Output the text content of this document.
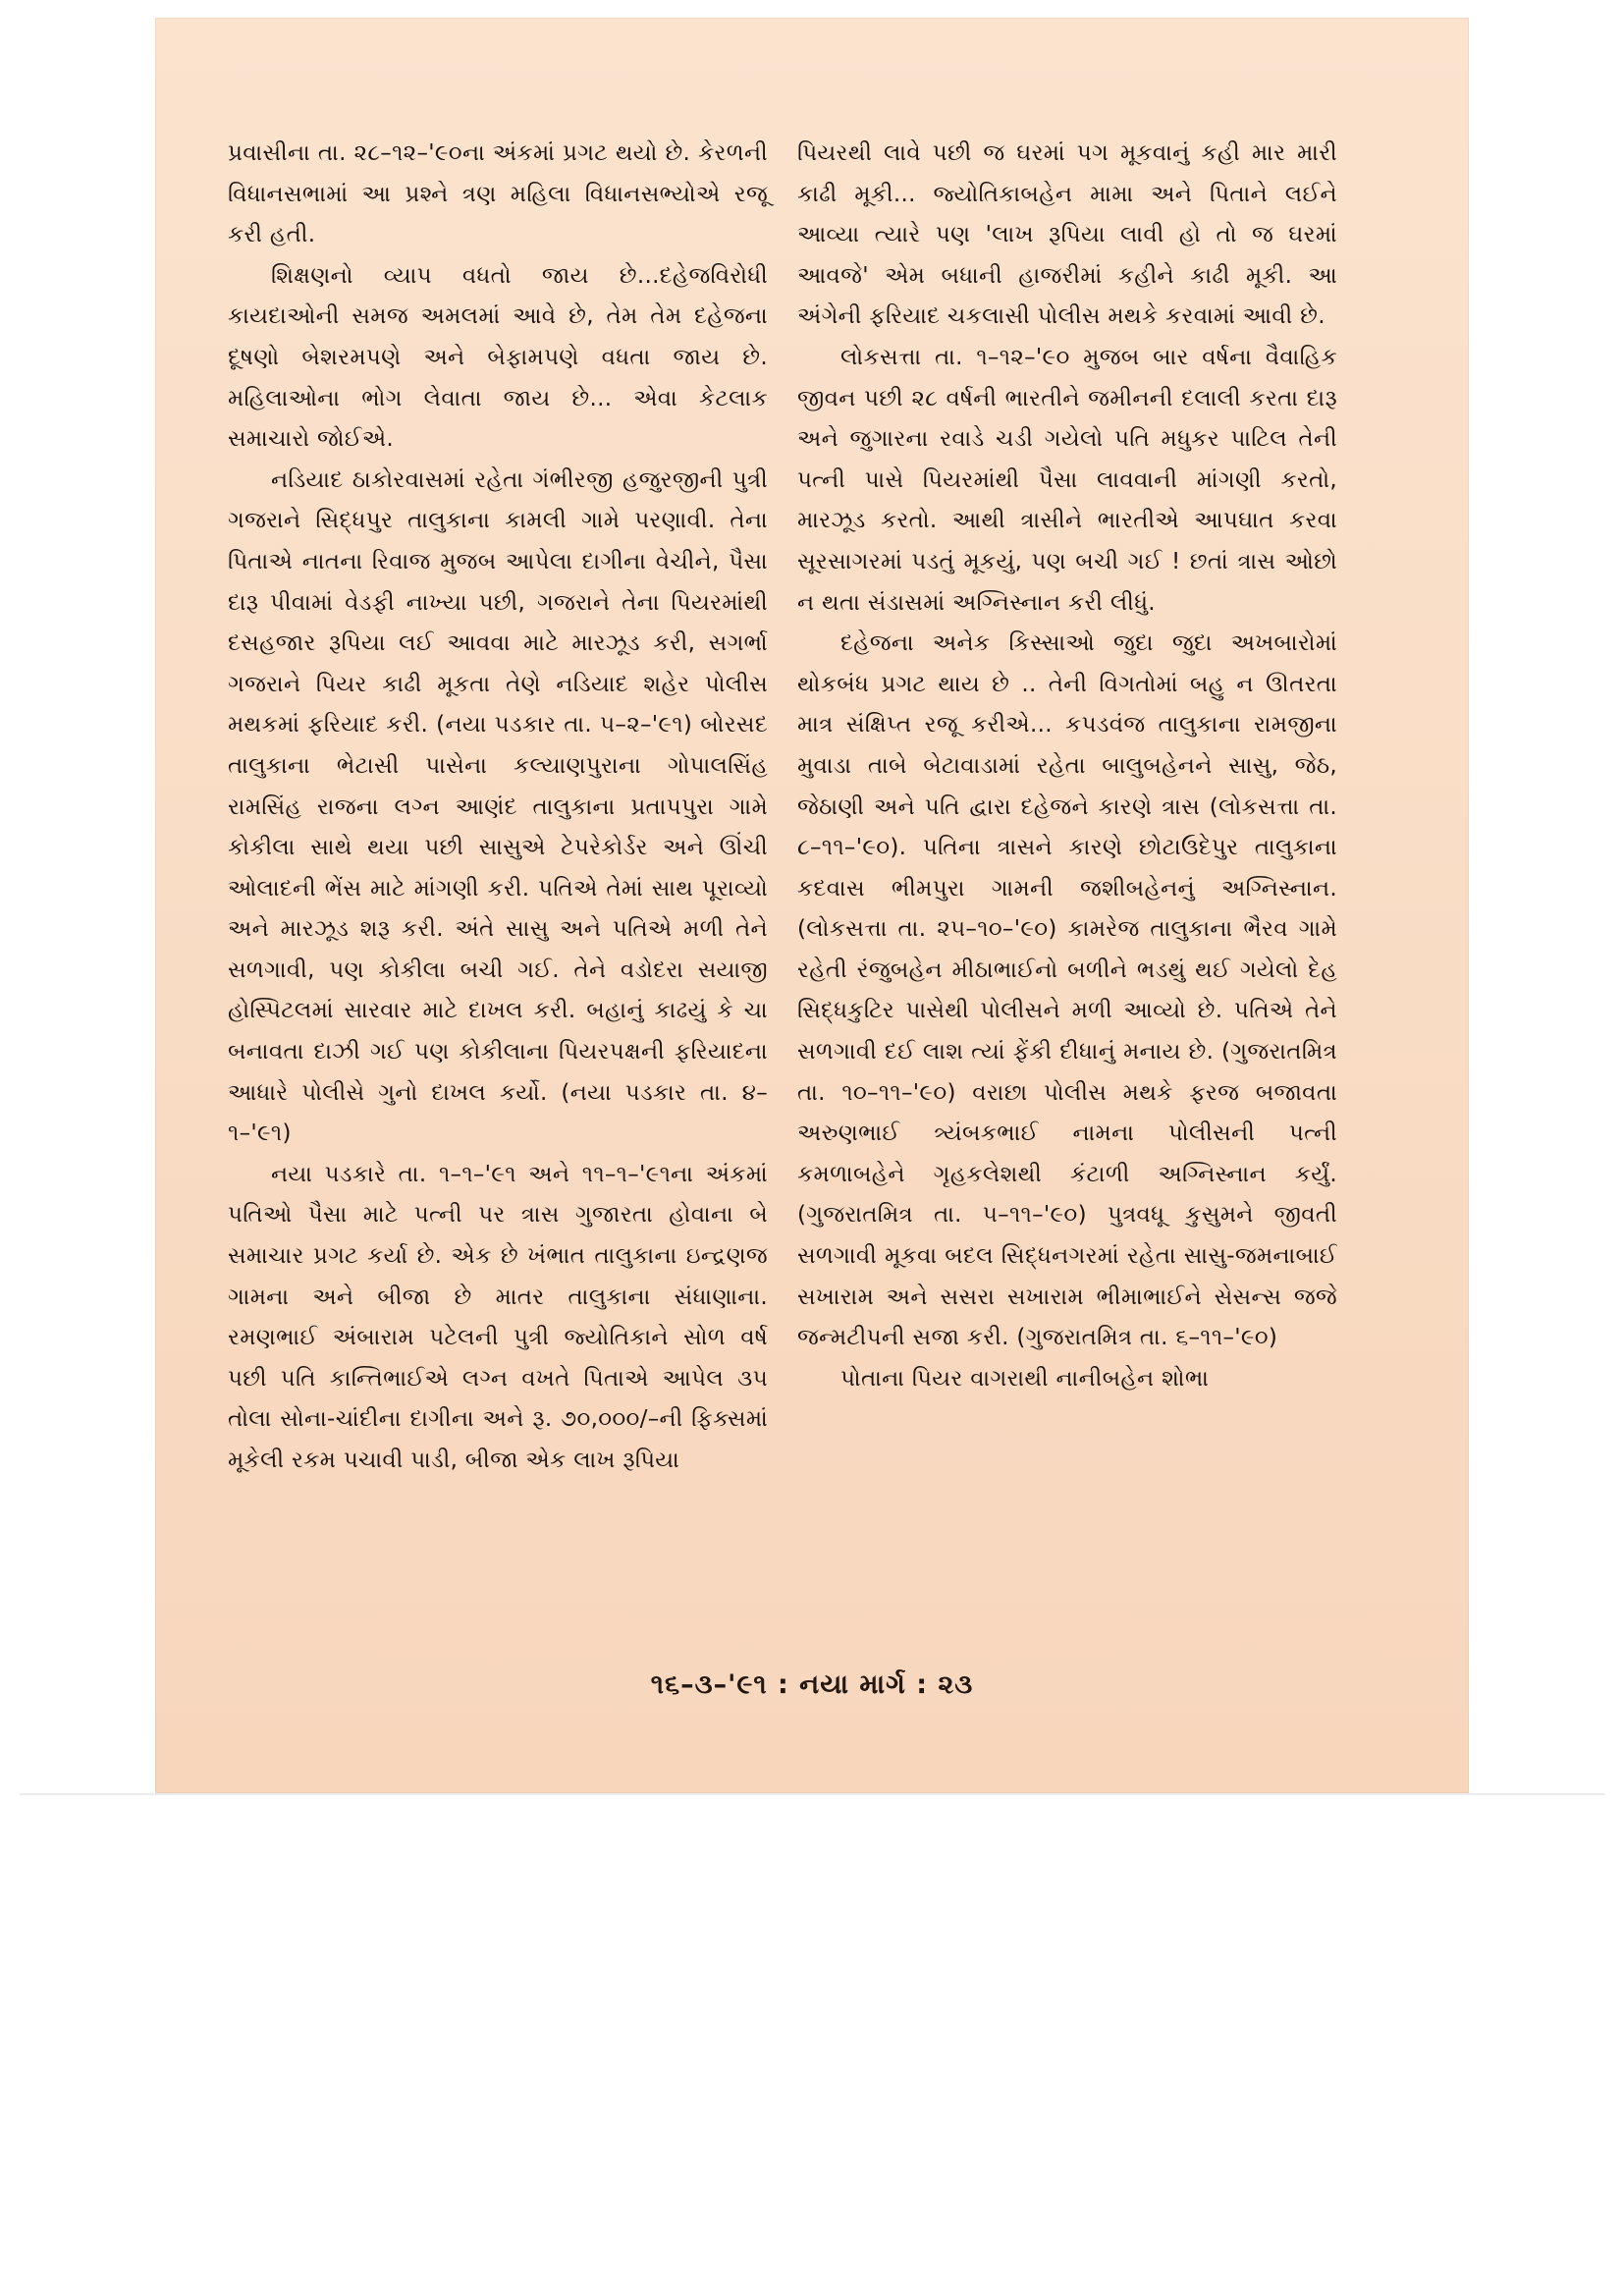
પ્રવાસીના તા. ૨૮–૧૨–'૯૦ના અંકમાં પ્રગટ થયો છે. કેરળની વિધાનસભામાં આ પ્રશ્ને ત્રણ મહિલા વિધાનસભ્યોએ રજૂ કરી હતી.

શિક્ષણનો વ્યાપ વધતો જાય છે...દહેજવિરોધી કાયદાઓની સમજ અમલમાં આવે છે, તેમ તેમ દહેજના દૂષણો બેશરમપણે અને બેફામપણે વધતા જાય છે. મહિલાઓના ભોગ લેવાતા જાય છે... એવા કેટલાક સમાચારો જોઈએ.

નડિયાદ ઠાકોરવાસમાં રહેતા ગંભીરજી હજુરજીની પુત્રી ગજરાને સિદ્ધપુર તાલુકાના કામલી ગામે પરણાવી. તેના પિતાએ નાતના રિવાજ મુજબ આપેલા દાગીના વેચીને, પૈસા દારૂ પીવામાં વેડફી નાખ્યા પછી, ગજરાને તેના પિયરમાંથી દસહજાર રૂપિયા લઈ આવવા માટે મારઝૂડ કરી, સગર્ભા ગજરાને પિયર કાઢી મૂકતા તેણે નડિયાદ શહેર પોલીસ મથકમાં ફરિયાદ કરી. (નયા પડકાર તા. ૫–૨–'૯૧) બોરસદ તાલુકાના ભેટાસી પાસેના કલ્યાણપુરાના ગોપાલસિંહ રામસિંહ રાજના લગ્ન આણંદ તાલુકાના પ્રતાપપુરા ગામે કોકીલા સાથે થયા પછી સાસુએ ટેપરેકોર્ડર અને ઊંચી ઓલાદની ભેંસ માટે માંગણી કરી. પતિએ તેમાં સાથ પૂરાવ્યો અને મારઝૂડ શરૂ કરી. અંતે સાસુ અને પતિએ મળી તેને સળગાવી, પણ કોકીલા બચી ગઈ. તેને વડોદરા સયાજી હોસ્પિટલમાં સારવાર માટે દાખલ કરી. બહાનું કાઢયું કે ચા બનાવતા દાઝી ગઈ પણ કોકીલાના પિયરપક્ષની ફરિયાદના આધારે પોલીસે ગુનો દાખલ કર્યો. (નયા પડકાર તા. ૪–૧–'૯૧)

નયા પડકારે તા. ૧–૧–'૯૧ અને ૧૧–૧–'૯૧ના અંકમાં પતિઓ પૈસા માટે પત્ની પર ત્રાસ ગુજારતા હોવાના બે સમાચાર પ્રગટ કર્યા છે. એક છે ખંભાત તાલુકાના ઇન્દ્રણજ ગામના અને બીજા છે માતર તાલુકાના સંધાણાના. રમણભાઈ અંબારામ પટેલની પુત્રી જ્યોતિકાને સોળ વર્ષ પછી પતિ કાન્તિભાઈએ લગ્ન વખતે પિતાએ આપેલ ૩૫ તોલા સોના-ચાંદીના દાગીના અને રૂ. ૭૦,૦૦૦/–ની ફિક્સમાં મૂકેલી રકમ પચાવી પાડી, બીજા એક લાખ રૂપિયા

પિયરથી લાવે પછી જ ઘરમાં પગ મૂકવાનું કહી માર મારી કાઢી મૂકી... જ્યોતિકાબહેન મામા અને પિતાને લઈને આવ્યા ત્યારે પણ 'લાખ રૂપિયા લાવી હો તો જ ઘરમાં આવજે' એમ બધાની હાજરીમાં કહીને કાઢી મૂકી. આ અંગેની ફરિયાદ ચકલાસી પોલીસ મથકે કરવામાં આવી છે.

લોકસત્તા તા. ૧–૧૨–'૯૦ મુજબ બાર વર્ષના વૈવાહિક જીવન પછી ૨૮ વર્ષની ભારતીને જમીનની દલાલી કરતા દારૂ અને જુગારના રવાડે ચડી ગયેલો પતિ મધુકર પાટિલ તેની પત્ની પાસે પિયરમાંથી પૈસા લાવવાની માંગણી કરતો, મારઝૂડ કરતો. આથી ત્રાસીને ભારતીએ આપઘાત કરવા સૂરસાગરમાં પડતું મૂકયું, પણ બચી ગઈ ! છતાં ત્રાસ ઓછો ન થતા સંડાસમાં અગ્નિસ્નાન કરી લીધું.

દહેજના અનેક કિસ્સાઓ જુદા જુદા અખબારોમાં થોકબંધ પ્રગટ થાય છે .. તેની વિગતોમાં બહુ ન ઊતરતા માત્ર સંક્ષિપ્ત રજૂ કરીએ... કપડવંજ તાલુકાના રામજીના મુવાડા તાબે બેટાવાડામાં રહેતા બાલુબહેનને સાસુ, જેઠ, જેઠાણી અને પતિ દ્વારા દહેજને કારણે ત્રાસ (લોકસત્તા તા. ૮–૧૧–'૯૦). પતિના ત્રાસને કારણે છોટાઉદેપુર તાલુકાના કદવાસ ભીમપુરા ગામની જશીબહેનનું અગ્નિસ્નાન. (લોકસત્તા તા. ૨૫–૧૦–'૯૦) કામરેજ તાલુકાના ભૈરવ ગામે રહેતી રંજુબહેન મીઠાભાઈનો બળીને ભડથું થઈ ગયેલો દેહ સિદ્ધકુટિર પાસેથી પોલીસને મળી આવ્યો છે. પતિએ તેને સળગાવી દઈ લાશ ત્યાં ફેંકી દીધાનું મનાય છે. (ગુજરાતમિત્ર તા. ૧૦–૧૧–'૯૦) વરાછા પોલીસ મથકે ફરજ બજાવતા અરુણભાઈ ત્ર્યંબકભાઈ નામના પોલીસની પત્ની કમળાબહેને ગૃહકલેશથી કંટાળી અગ્નિસ્નાન કર્યું. (ગુજરાતમિત્ર તા. ૫–૧૧–'૯૦) પુત્રવધૂ કુસુમને જીવતી સળગાવી મૂકવા બદલ સિદ્ધનગરમાં રહેતા સાસુ-જમનાબાઈ સખારામ અને સસરા સખારામ ભીમાભાઈને સેસન્સ જજે જન્મટીપની સજા કરી. (ગુજરાતમિત્ર તા. ૬–૧૧–'૯૦)

પોતાના પિયર વાગરાથી નાનીબહેન શોભા

૧૬–૩–'૯૧ : નયા માર્ગ : ૨૩
